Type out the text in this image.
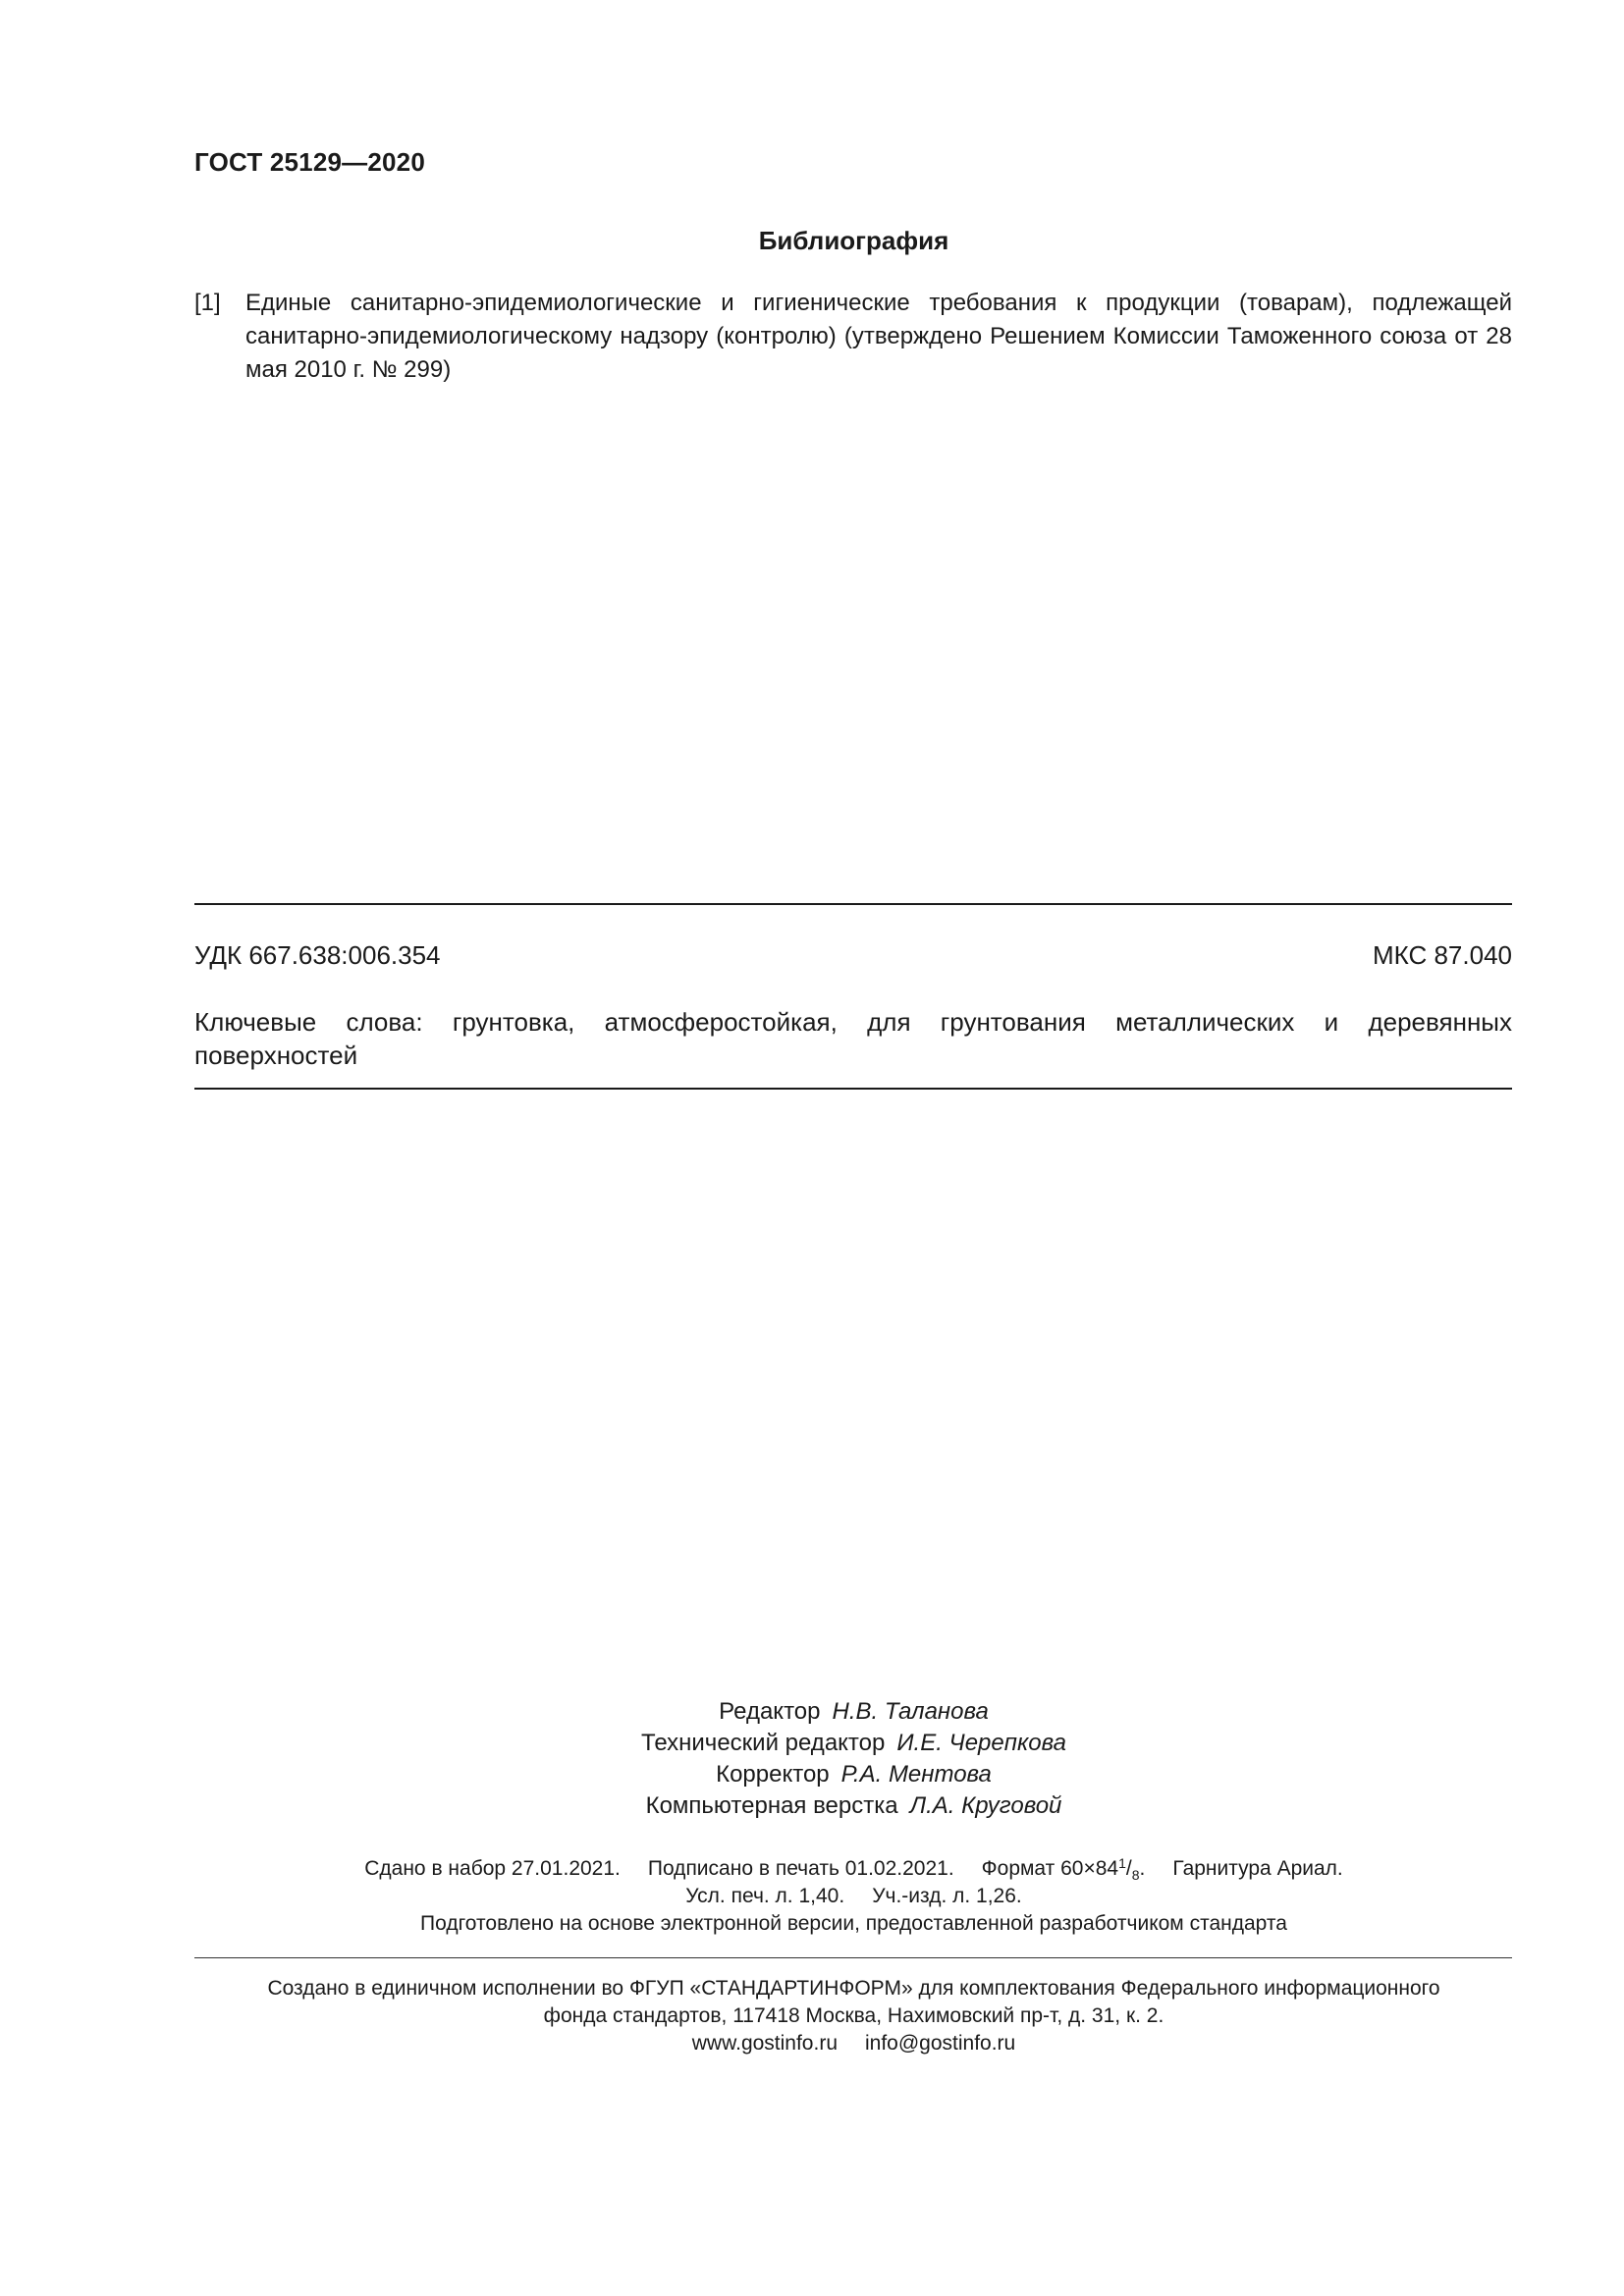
ГОСТ 25129—2020
Библиография
[1] Единые санитарно-эпидемиологические и гигиенические требования к продукции (товарам), подлежащей санитарно-эпидемиологическому надзору (контролю) (утверждено Решением Комиссии Таможенного союза от 28 мая 2010 г. № 299)
УДК 667.638:006.354	МКС 87.040
Ключевые слова: грунтовка, атмосферостойкая, для грунтования металлических и деревянных
поверхностей
Редактор Н.В. Таланова
Технический редактор И.Е. Черепкова
Корректор Р.А. Ментова
Компьютерная верстка Л.А. Круговой
Сдано в набор 27.01.2021. Подписано в печать 01.02.2021. Формат $60\times 84^1/_8$. Гарнитура Ариал.
Усл. печ. л. 1,40. Уч.-изд. л. 1,26.
Подготовлено на основе электронной версии, предоставленной разработчиком стандарта
Создано в единичном исполнении во ФГУП «СТАНДАРТИНФОРМ» для комплектования Федерального информационного
фонда стандартов, 117418 Москва, Нахимовский пр-т, д. 31, к. 2.
www.gostinfo.ru info@gostinfo.ru
